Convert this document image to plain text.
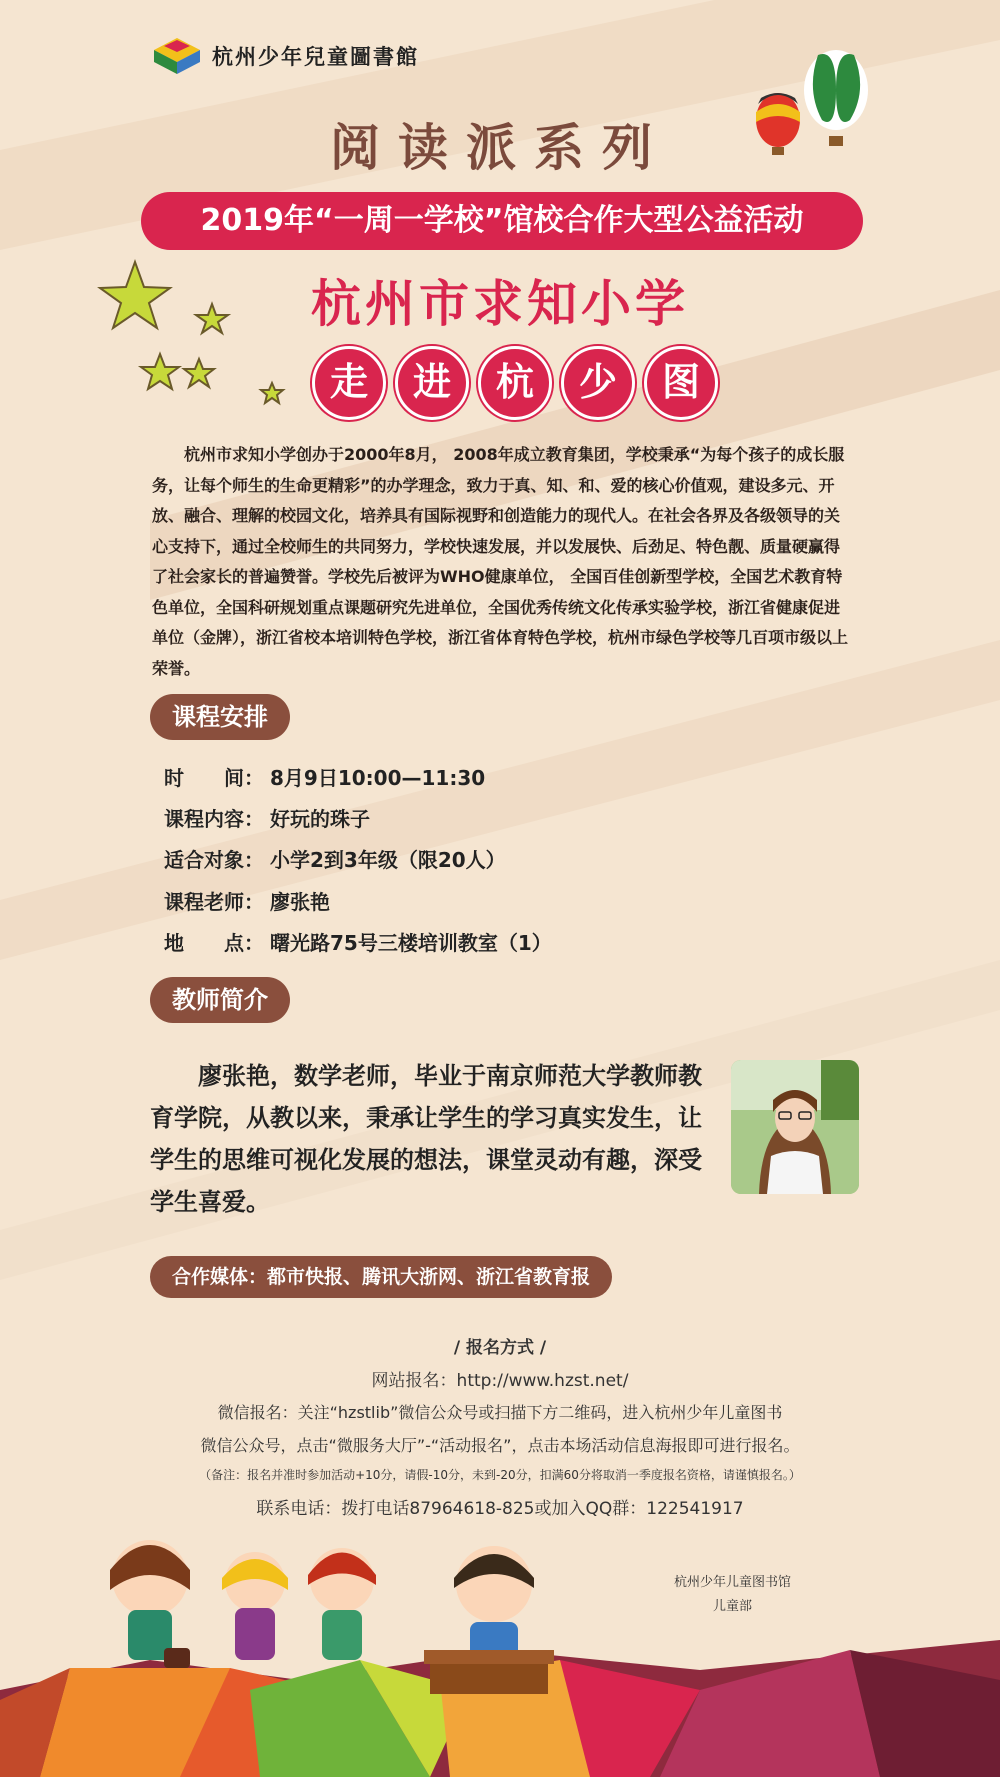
杭州少年兒童圖書館
阅读派系列
2019年“一周一学校”馆校合作大型公益活动
杭州市求知小学
走	进	杭	少	图
杭州市求知小学创办于2000年8月， 2008年成立教育集团，学校秉承“为每个孩子的成长服务，让每个师生的生命更精彩”的办学理念，致力于真、知、和、爱的核心价值观，建设多元、开放、融合、理解的校园文化，培养具有国际视野和创造能力的现代人。在社会各界及各级领导的关心支持下，通过全校师生的共同努力，学校快速发展，并以发展快、后劲足、特色靓、质量硬赢得了社会家长的普遍赞誉。学校先后被评为WHO健康单位， 全国百佳创新型学校，全国艺术教育特色单位，全国科研规划重点课题研究先进单位，全国优秀传统文化传承实验学校，浙江省健康促进单位（金牌），浙江省校本培训特色学校，浙江省体育特色学校，杭州市绿色学校等几百项市级以上荣誉。
课程安排
时　　间： 8月9日10:00—11:30
课程内容： 好玩的珠子
适合对象： 小学2到3年级（限20人）
课程老师： 廖张艳
地　　点： 曙光路75号三楼培训教室（1）
教师简介
廖张艳，数学老师，毕业于南京师范大学教师教育学院，从教以来，秉承让学生的学习真实发生，让学生的思维可视化发展的想法，课堂灵动有趣，深受学生喜爱。
合作媒体：都市快报、腾讯大浙网、浙江省教育报
/ 报名方式 /
网站报名：http://www.hzst.net/
微信报名：关注“hzstlib”微信公众号或扫描下方二维码，进入杭州少年儿童图书
微信公众号，点击“微服务大厅”-“活动报名”，点击本场活动信息海报即可进行报名。
（备注：报名并准时参加活动+10分，请假-10分，未到-20分，扣满60分将取消一季度报名资格，请谨慎报名。）
联系电话：拨打电话87964618-825或加入QQ群：122541917
杭州少年儿童图书馆
儿童部
